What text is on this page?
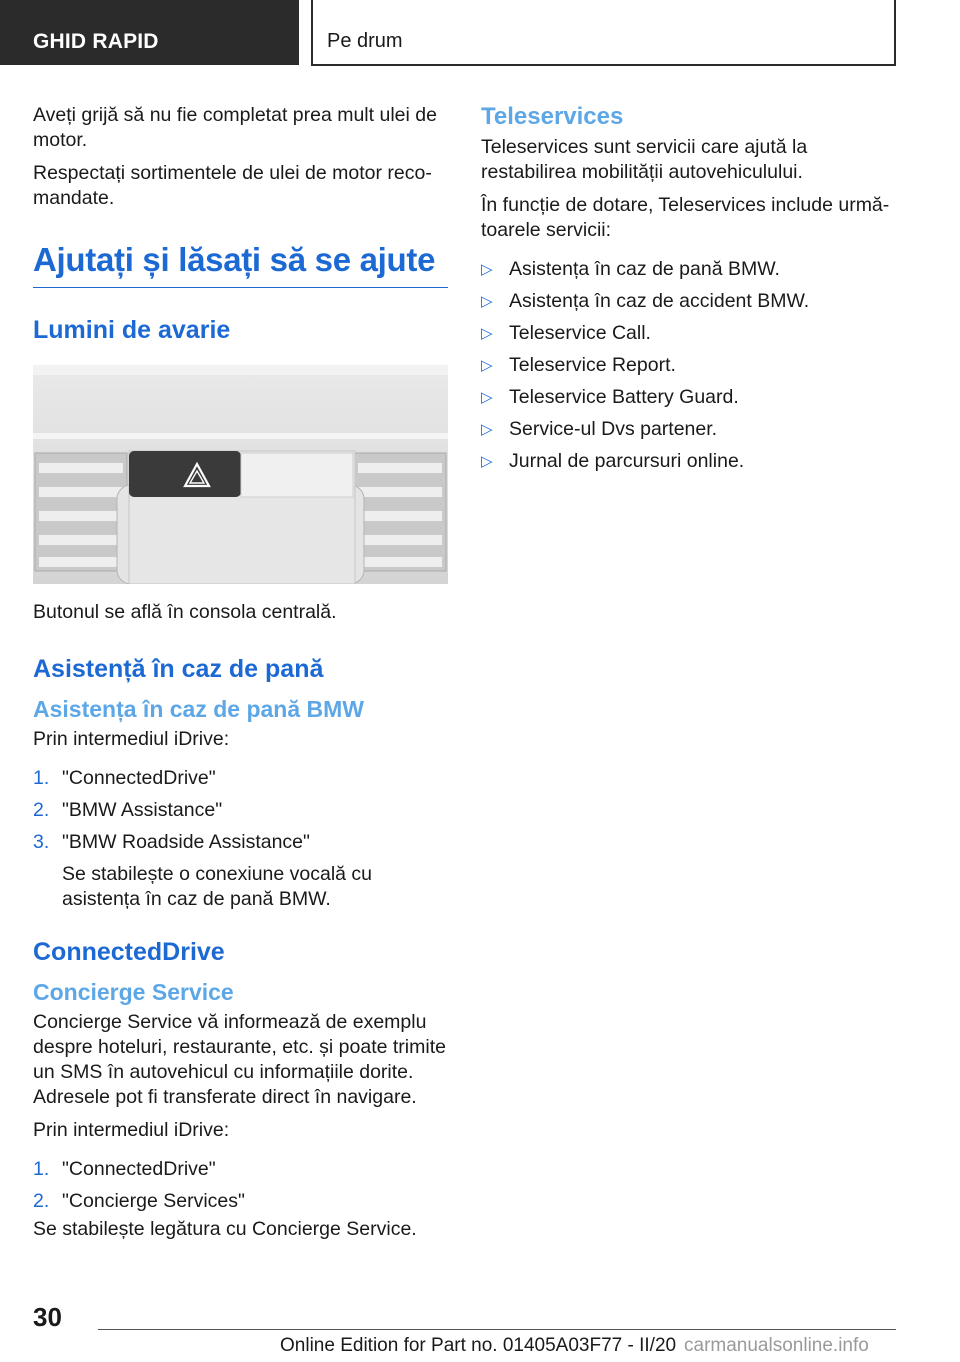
GHID RAPID	Pe drum

Aveți grijă să nu fie completat prea mult ulei de motor.

Respectați sortimentele de ulei de motor recomandate.

Ajutați și lăsați să se ajute
Lumini de avarie

Butonul se află în consola centrală.

Asistență în caz de pană
Asistența în caz de pană BMW

Prin intermediul iDrive:

1. "ConnectedDrive"
2. "BMW Assistance"
3. "BMW Roadside Assistance"
Se stabilește o conexiune vocală cu asistența în caz de pană BMW.
ConnectedDrive
Concierge Service

Concierge Service vă informează de exemplu despre hoteluri, restaurante, etc. și poate trimite un SMS în autovehicul cu informațiile dorite. Adresele pot fi transferate direct în navigare.

Prin intermediul iDrive:

1. "ConnectedDrive"
2. "Concierge Services"

Se stabilește legătura cu Concierge Service.

Teleservices

Teleservices sunt servicii care ajută la restabilirea mobilității autovehiculului.

În funcție de dotare, Teleservices include următoarele servicii:

▷ Asistența în caz de pană BMW.
▷ Asistența în caz de accident BMW.
▷ Teleservice Call.
▷ Teleservice Report.
▷ Teleservice Battery Guard.
▷ Service-ul Dvs partener.
▷ Jurnal de parcursuri online.
30
Online Edition for Part no. 01405A03F77 - II/20 carmanualsonline.info
